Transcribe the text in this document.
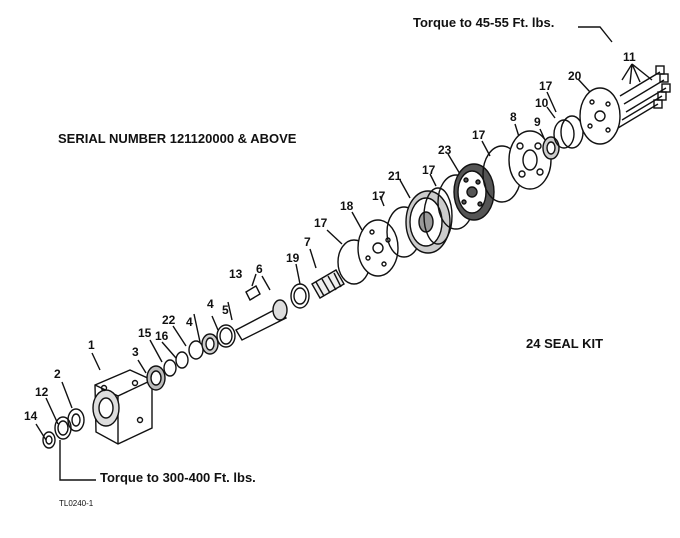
1
2
3
4
4 5
6
7
8 9
10
11
12
13
14
15 16
17
17
17
17
17
18
19
20
21
22
23
Torque to 45-55 Ft. lbs.
SERIAL NUMBER 121120000 & ABOVE
24 SEAL KIT
Torque to 300-400 Ft. lbs.
TL0240-1
